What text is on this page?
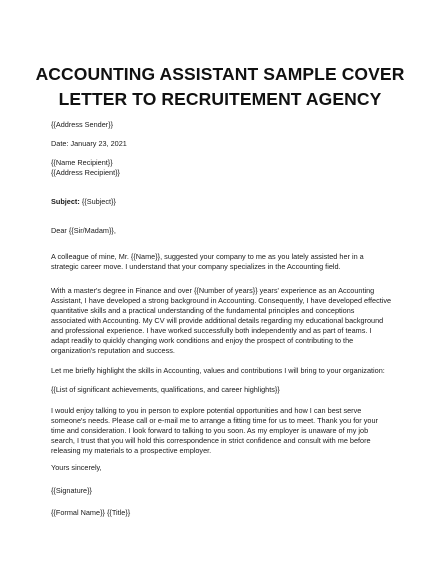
ACCOUNTING ASSISTANT SAMPLE COVER
LETTER TO RECRUITEMENT AGENCY
{{Address Sender}}
Date: January 23, 2021
{{Name Recipient}}
{{Address Recipient}}
Subject: {{Subject}}
Dear {{Sir/Madam}},
A colleague of mine, Mr. {{Name}}, suggested your company to me as you lately assisted her in a
strategic career move. I understand that your company specializes in the Accounting field.
With a master's degree in Finance and over {{Number of years}} years' experience as an Accounting
Assistant, I have developed a strong background in Accounting. Consequently, I have developed effective
quantitative skills and a practical understanding of the fundamental principles and conceptions
associated with Accounting. My CV will provide additional details regarding my educational background
and professional experience. I have worked successfully both independently and as part of teams. I
adapt readily to quickly changing work conditions and enjoy the prospect of contributing to the
organization's reputation and success.
Let me briefly highlight the skills in Accounting, values and contributions I will bring to your organization:
{{List of significant achievements, qualifications, and career highlights}}
I would enjoy talking to you in person to explore potential opportunities and how I can best serve
someone's needs. Please call or e-mail me to arrange a fitting time for us to meet. Thank you for your
time and consideration. I look forward to talking to you soon. As my employer is unaware of my job
search, I trust that you will hold this correspondence in strict confidence and consult with me before
releasing my materials to a prospective employer.
Yours sincerely,
{{Signature}}
{{Formal Name}} {{Title}}
